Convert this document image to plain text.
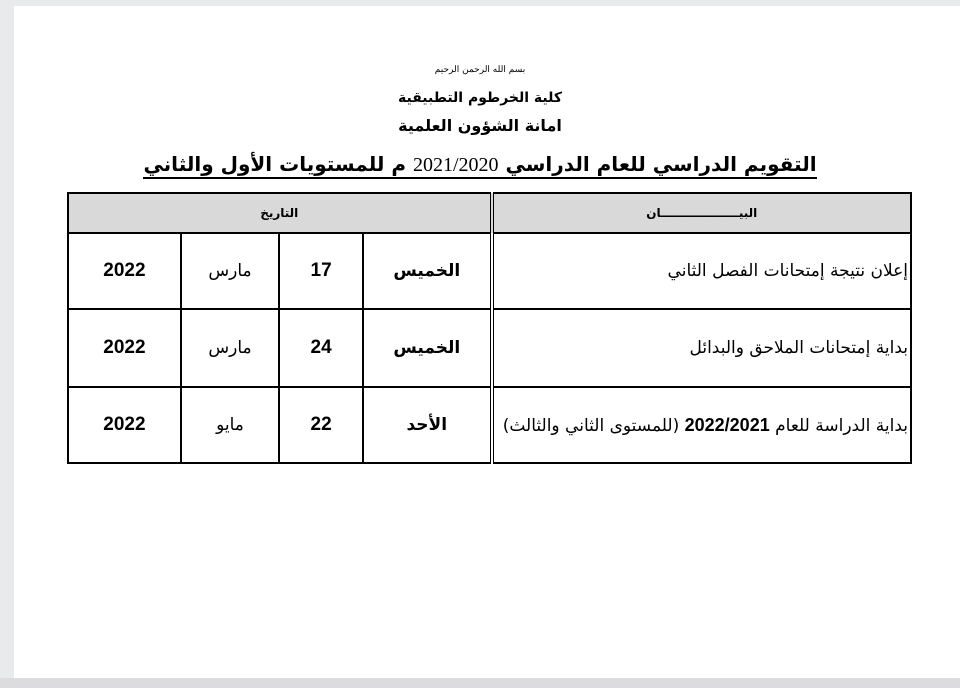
بسم الله الرحمن الرحيم
كلية الخرطوم التطبيقية
امانة الشؤون العلمية
التقويم الدراسي للعام الدراسي 2021/2020 م للمستويات الأول والثاني
البيـــــــــــــــــــان	التاريخ			
إعلان نتيجة إمتحانات الفصل الثاني	الخميس	17	مارس	2022
بداية إمتحانات الملاحق والبدائل	الخميس	24	مارس	2022
بداية الدراسة للعام 2022/2021 (للمستوى الثاني والثالث)	الأحد	22	مايو	2022
